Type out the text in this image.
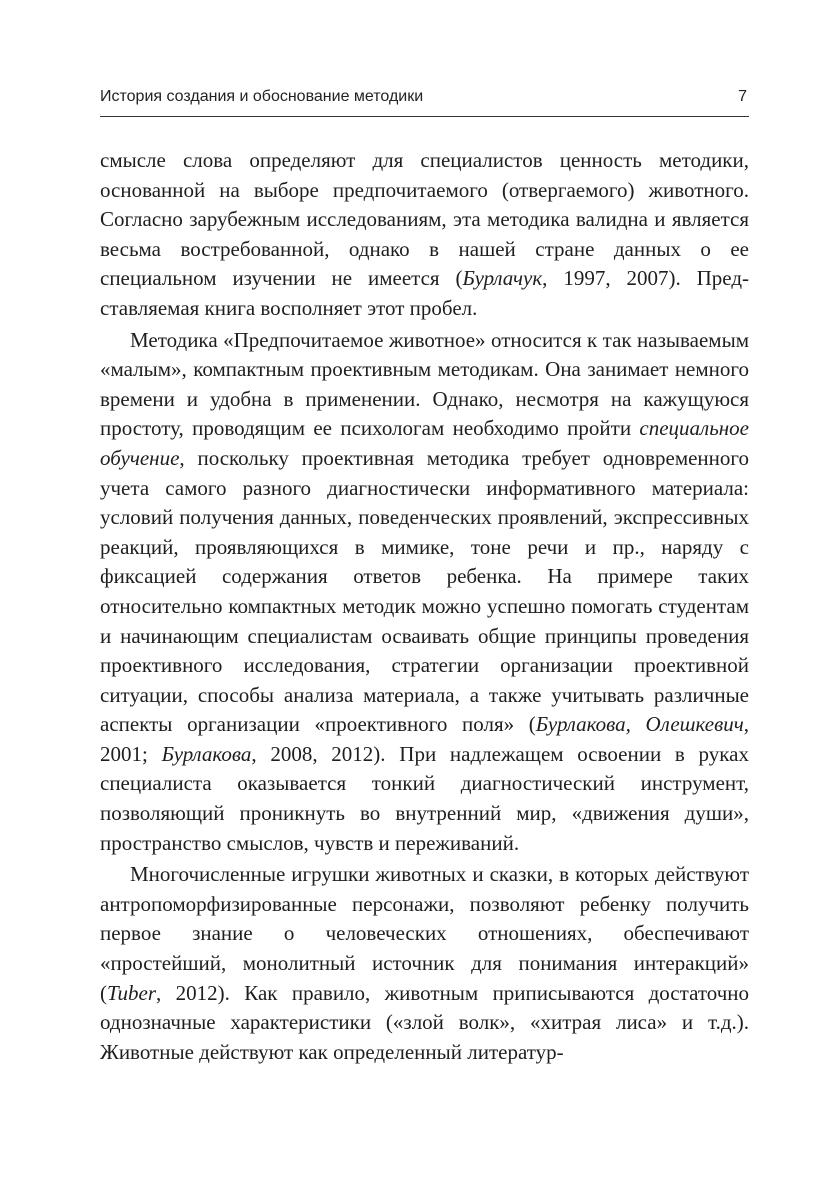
История создания и обоснование методики	7

смысле слова определяют для специалистов ценность методики, основанной на выборе предпочитаемого (отвергаемого) животного. Согласно зарубежным исследованиям, эта методика валидна и является весьма востребованной, однако в нашей стране данных о ее специальном изучении не имеется (Бурлачук, 1997, 2007). Представляемая книга восполняет этот пробел.

Методика «Предпочитаемое животное» относится к так называемым «малым», компактным проективным методикам. Она занимает немного времени и удобна в применении. Однако, несмотря на кажущуюся простоту, проводящим ее психологам необходимо пройти специальное обучение, поскольку проективная методика требует одновременного учета самого разного диагностически информативного материала: условий получения данных, поведенческих проявлений, экспрессивных реакций, проявляющихся в мимике, тоне речи и пр., наряду с фиксацией содержания ответов ребенка. На примере таких относительно компактных методик можно успешно помогать студентам и начинающим специалистам осваивать общие принципы проведения проективного исследования, стратегии организации проективной ситуации, способы анализа материала, а также учитывать различные аспекты организации «проективного поля» (Бурлакова, Олешкевич, 2001; Бурлакова, 2008, 2012). При надлежащем освоении в руках специалиста оказывается тонкий диагностический инструмент, позволяющий проникнуть во внутренний мир, «движения души», пространство смыслов, чувств и переживаний.

Многочисленные игрушки животных и сказки, в которых действуют антропоморфизированные персонажи, позволяют ребенку получить первое знание о человеческих отношениях, обеспечивают «простейший, монолитный источник для понимания интеракций» (Tuber, 2012). Как правило, животным приписываются достаточно однозначные характеристики («злой волк», «хитрая лиса» и т.д.). Животные действуют как определенный литератур-
